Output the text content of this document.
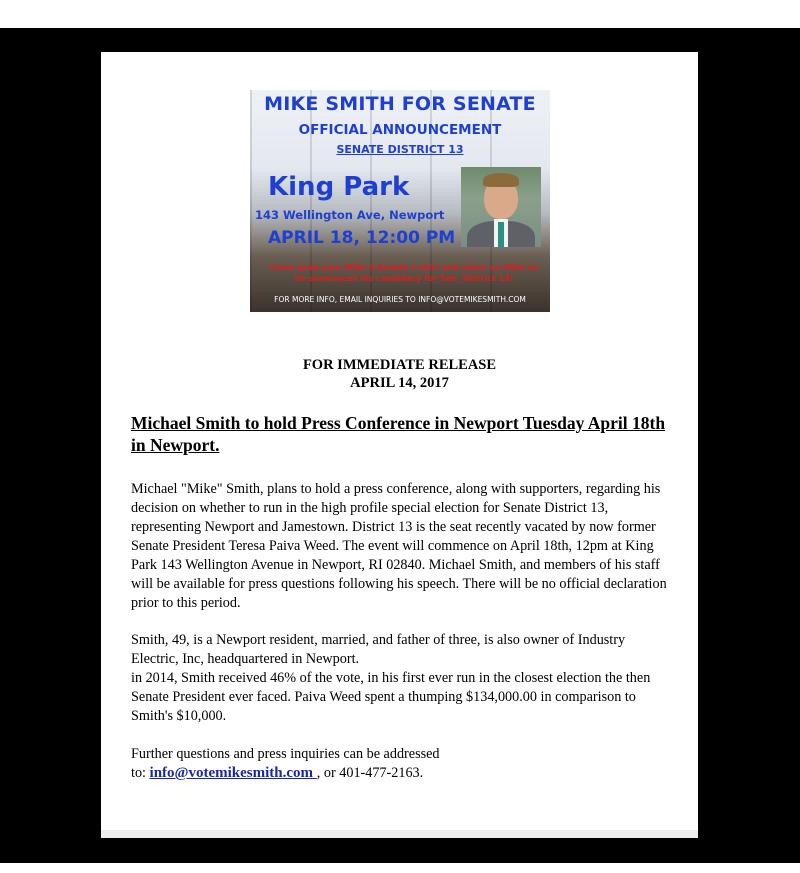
MIKE SMITH FOR SENATE
OFFICIAL ANNOUNCEMENT
SENATE DISTRICT 13
King Park
143 Wellington Ave, Newport
APRIL 18, 12:00 PM
Come grab your Mike 4 Senate t-shirt and cheer on Mike as he announces his candidacy for Sen. District 13!
FOR MORE INFO, EMAIL INQUIRIES TO INFO@VOTEMIKESMITH.COM
FOR IMMEDIATE RELEASE
APRIL 14, 2017
Michael Smith to hold Press Conference in Newport Tuesday April 18th in Newport.
Michael "Mike" Smith, plans to hold a press conference, along with supporters, regarding his decision on whether to run in the high profile special election for Senate District 13, representing Newport and Jamestown. District 13 is the seat recently vacated by now former Senate President Teresa Paiva Weed. The event will commence on April 18th, 12pm at King Park 143 Wellington Avenue in Newport, RI 02840. Michael Smith, and members of his staff will be available for press questions following his speech. There will be no official declaration prior to this period.
Smith, 49, is a Newport resident, married, and father of three, is also owner of Industry Electric, Inc, headquartered in Newport.
in 2014, Smith received 46% of the vote, in his first ever run in the closest election the then Senate President ever faced. Paiva Weed spent a thumping $134,000.00 in comparison to Smith's $10,000.
Further questions and press inquiries can be addressed
to: info@votemikesmith.com , or 401-477-2163.
